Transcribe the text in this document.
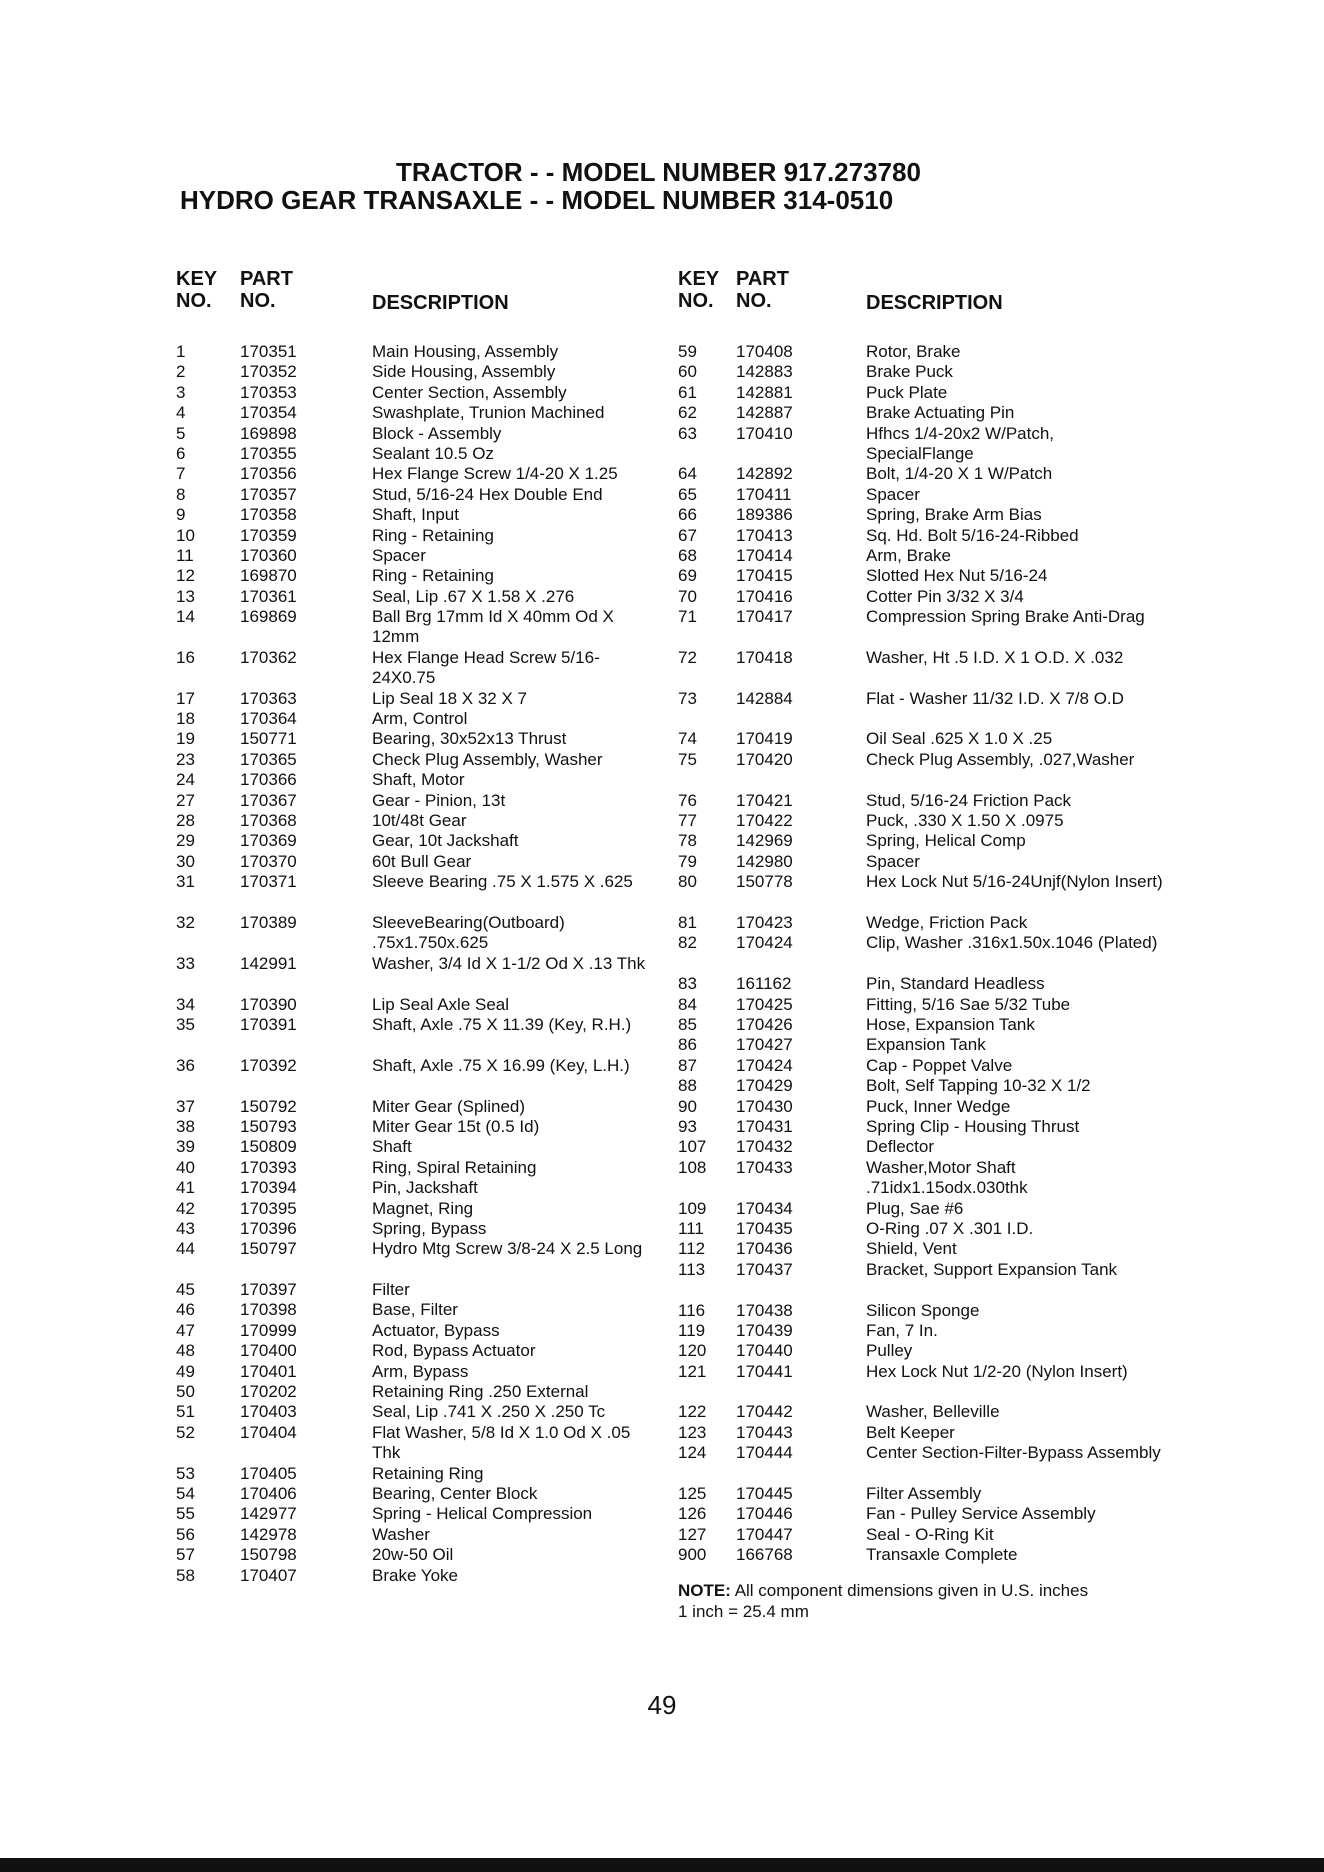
TRACTOR - - MODEL NUMBER 917.273780
HYDRO GEAR TRANSAXLE - - MODEL NUMBER 314-0510
KEY
NO.
PART
NO.	DESCRIPTION
1	170351	Main Housing, Assembly
2	170352	Side Housing, Assembly
3	170353	Center Section, Assembly
4	170354	Swashplate, Trunion Machined
5	169898	Block - Assembly
6	170355	Sealant 10.5 Oz
7	170356	Hex Flange Screw 1/4-20 X 1.25
8	170357	Stud, 5/16-24 Hex Double End
9	170358	Shaft, Input
10	170359	Ring - Retaining
11	170360	Spacer
12	169870	Ring - Retaining
13	170361	Seal, Lip .67 X 1.58 X .276
14	169869	Ball Brg 17mm Id X 40mm Od X 12mm
16	170362	Hex Flange Head Screw 5/16-24X0.75
17	170363	Lip Seal 18 X 32 X 7
18	170364	Arm, Control
19	150771	Bearing, 30x52x13 Thrust
23	170365	Check Plug Assembly, Washer
24	170366	Shaft, Motor
27	170367	Gear - Pinion, 13t
28	170368	10t/48t Gear
29	170369	Gear, 10t Jackshaft
30	170370	60t Bull Gear
31	170371	Sleeve Bearing .75 X 1.575 X .625
32	170389	SleeveBearing(Outboard) .75x1.750x.625
33	142991	Washer, 3/4 Id X 1-1/2 Od X .13 Thk
34	170390	Lip Seal Axle Seal
35	170391	Shaft, Axle .75 X 11.39 (Key, R.H.)
36	170392	Shaft, Axle .75 X 16.99 (Key, L.H.)
37	150792	Miter Gear (Splined)
38	150793	Miter Gear 15t (0.5 Id)
39	150809	Shaft
40	170393	Ring, Spiral Retaining
41	170394	Pin, Jackshaft
42	170395	Magnet, Ring
43	170396	Spring, Bypass
44	150797	Hydro Mtg Screw 3/8-24 X 2.5 Long
45	170397	Filter
46	170398	Base, Filter
47	170999	Actuator, Bypass
48	170400	Rod, Bypass Actuator
49	170401	Arm, Bypass
50	170202	Retaining Ring .250 External
51	170403	Seal, Lip .741 X .250 X .250 Tc
52	170404	Flat Washer, 5/8 Id X 1.0 Od X .05 Thk
53	170405	Retaining Ring
54	170406	Bearing, Center Block
55	142977	Spring - Helical Compression
56	142978	Washer
57	150798	20w-50 Oil
58	170407	Brake Yoke
KEY
NO.
PART
NO.	DESCRIPTION
59 170408	Rotor, Brake
60 142883	Brake Puck
61 142881	Puck Plate
62 142887	Brake Actuating Pin
63 170410	Hfhcs 1/4-20x2 W/Patch, SpecialFlange
64 142892	Bolt, 1/4-20 X 1 W/Patch
65 170411	Spacer
66 189386	Spring, Brake Arm Bias
67 170413	Sq. Hd. Bolt 5/16-24-Ribbed
68 170414	Arm, Brake
69 170415	Slotted Hex Nut 5/16-24
70 170416	Cotter Pin 3/32 X 3/4
71 170417	Compression Spring Brake Anti-Drag
72 170418	Washer, Ht .5 I.D. X 1 O.D. X .032
73 142884	Flat - Washer 11/32 I.D. X 7/8 O.D
74 170419	Oil Seal .625 X 1.0 X .25
75 170420	Check Plug Assembly, .027,Washer
76 170421	Stud, 5/16-24 Friction Pack
77 170422	Puck, .330 X 1.50 X .0975
78 142969	Spring, Helical Comp
79 142980	Spacer
80 150778	Hex Lock Nut 5/16-24Unjf(Nylon Insert)
81 170423	Wedge, Friction Pack
82 170424	Clip, Washer .316x1.50x.1046 (Plated)
83 161162	Pin, Standard Headless
84 170425	Fitting, 5/16 Sae 5/32 Tube
85 170426	Hose, Expansion Tank
86 170427	Expansion Tank
87 170424	Cap - Poppet Valve
88 170429	Bolt, Self Tapping 10-32 X 1/2
90 170430	Puck, Inner Wedge
93 170431	Spring Clip - Housing Thrust
107 170432	Deflector
108 170433	Washer,Motor Shaft .71idx1.15odx.030thk
109 170434	Plug, Sae #6
111 170435	O-Ring .07 X .301 I.D.
112 170436	Shield, Vent
113 170437	Bracket, Support Expansion Tank
116 170438	Silicon Sponge
119 170439	Fan, 7 In.
120 170440	Pulley
121 170441	Hex Lock Nut 1/2-20 (Nylon Insert)
122 170442	Washer, Belleville
123 170443	Belt Keeper
124 170444	Center Section-Filter-Bypass Assembly
125 170445	Filter Assembly
126 170446	Fan - Pulley Service Assembly
127 170447	Seal - O-Ring Kit
900 166768	Transaxle Complete
NOTE: All component dimensions given in U.S. inches
1 inch = 25.4 mm
49
